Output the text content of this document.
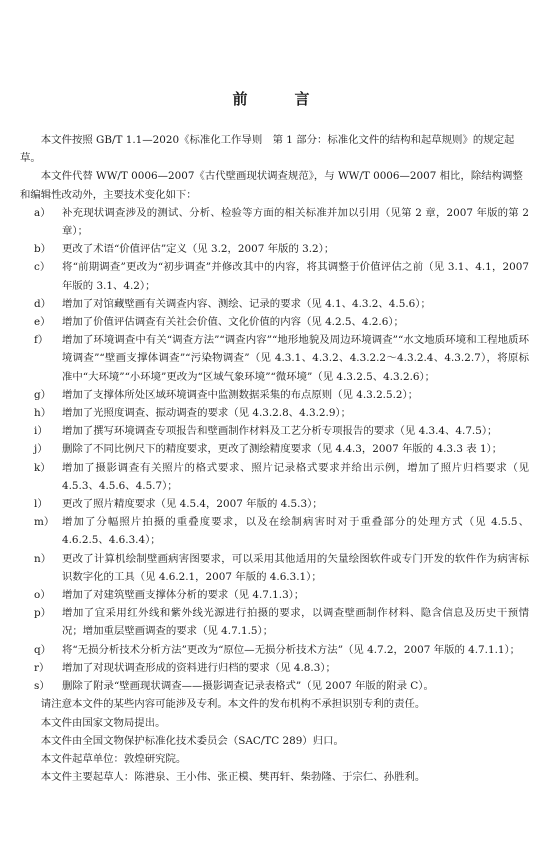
前　言

本文件按照 GB/T 1.1—2020《标准化工作导则　第 1 部分：标准化文件的结构和起草规则》的规定起草。

本文件代替 WW/T 0006—2007《古代壁画现状调查规范》，与 WW/T 0006—2007 相比，除结构调整和编辑性改动外，主要技术变化如下：

a）	补充现状调查涉及的测试、分析、检验等方面的相关标准并加以引用（见第 2 章，2007 年版的第 2 章）；
b）	更改了术语“价值评估”定义（见 3.2，2007 年版的 3.2）；
c）	将“前期调查”更改为“初步调查”并修改其中的内容，将其调整于价值评估之前（见 3.1、4.1，2007 年版的 3.1、4.2）；
d）	增加了对馆藏壁画有关调查内容、测绘、记录的要求（见 4.1、4.3.2、4.5.6）；
e）	增加了价值评估调查有关社会价值、文化价值的内容（见 4.2.5、4.2.6）；
f）	增加了环境调查中有关“调查方法”“调查内容”“地形地貌及周边环境调查”“水文地质环境和工程地质环境调查”“壁画支撑体调查”“污染物调查”（见 4.3.1、4.3.2、4.3.2.2～4.3.2.4、4.3.2.7），将原标准中“大环境”“小环境”更改为“区域气象环境”“微环境”（见 4.3.2.5、4.3.2.6）；
g）	增加了支撑体所处区域环境调查中监测数据采集的布点原则（见 4.3.2.5.2）；
h）	增加了光照度调查、振动调查的要求（见 4.3.2.8、4.3.2.9）；
i）	增加了撰写环境调查专项报告和壁画制作材料及工艺分析专项报告的要求（见 4.3.4、4.7.5）；
j）	删除了不同比例尺下的精度要求，更改了测绘精度要求（见 4.4.3，2007 年版的 4.3.3 表 1）；
k）	增加了摄影调查有关照片的格式要求、照片记录格式要求并给出示例，增加了照片归档要求（见 4.5.3、4.5.6、4.5.7）；
l）	更改了照片精度要求（见 4.5.4，2007 年版的 4.5.3）；
m） 增加了分幅照片拍摄的重叠度要求，以及在绘制病害时对于重叠部分的处理方式（见 4.5.5、4.6.2.5、4.6.3.4）；
n）	更改了计算机绘制壁画病害图要求，可以采用其他适用的矢量绘图软件或专门开发的软件作为病害标识数字化的工具（见 4.6.2.1，2007 年版的 4.6.3.1）；
o）	增加了对建筑壁画支撑体分析的要求（见 4.7.1.3）；
p）	增加了宜采用红外线和紫外线光源进行拍摄的要求，以调查壁画制作材料、隐含信息及历史干预情况；增加重层壁画调查的要求（见 4.7.1.5）；
q）	将“无损分析技术分析方法”更改为“原位—无损分析技术方法”（见 4.7.2，2007 年版的 4.7.1.1）；
r）	增加了对现状调查形成的资料进行归档的要求（见 4.8.3）；
s）	删除了附录“壁画现状调查——摄影调查记录表格式”（见 2007 年版的附录 C）。

请注意本文件的某些内容可能涉及专利。本文件的发布机构不承担识别专利的责任。

本文件由国家文物局提出。

本文件由全国文物保护标准化技术委员会（SAC/TC 289）归口。

本文件起草单位：敦煌研究院。

本文件主要起草人：陈港泉、王小伟、张正模、樊再轩、柴勃隆、于宗仁、孙胜利。
